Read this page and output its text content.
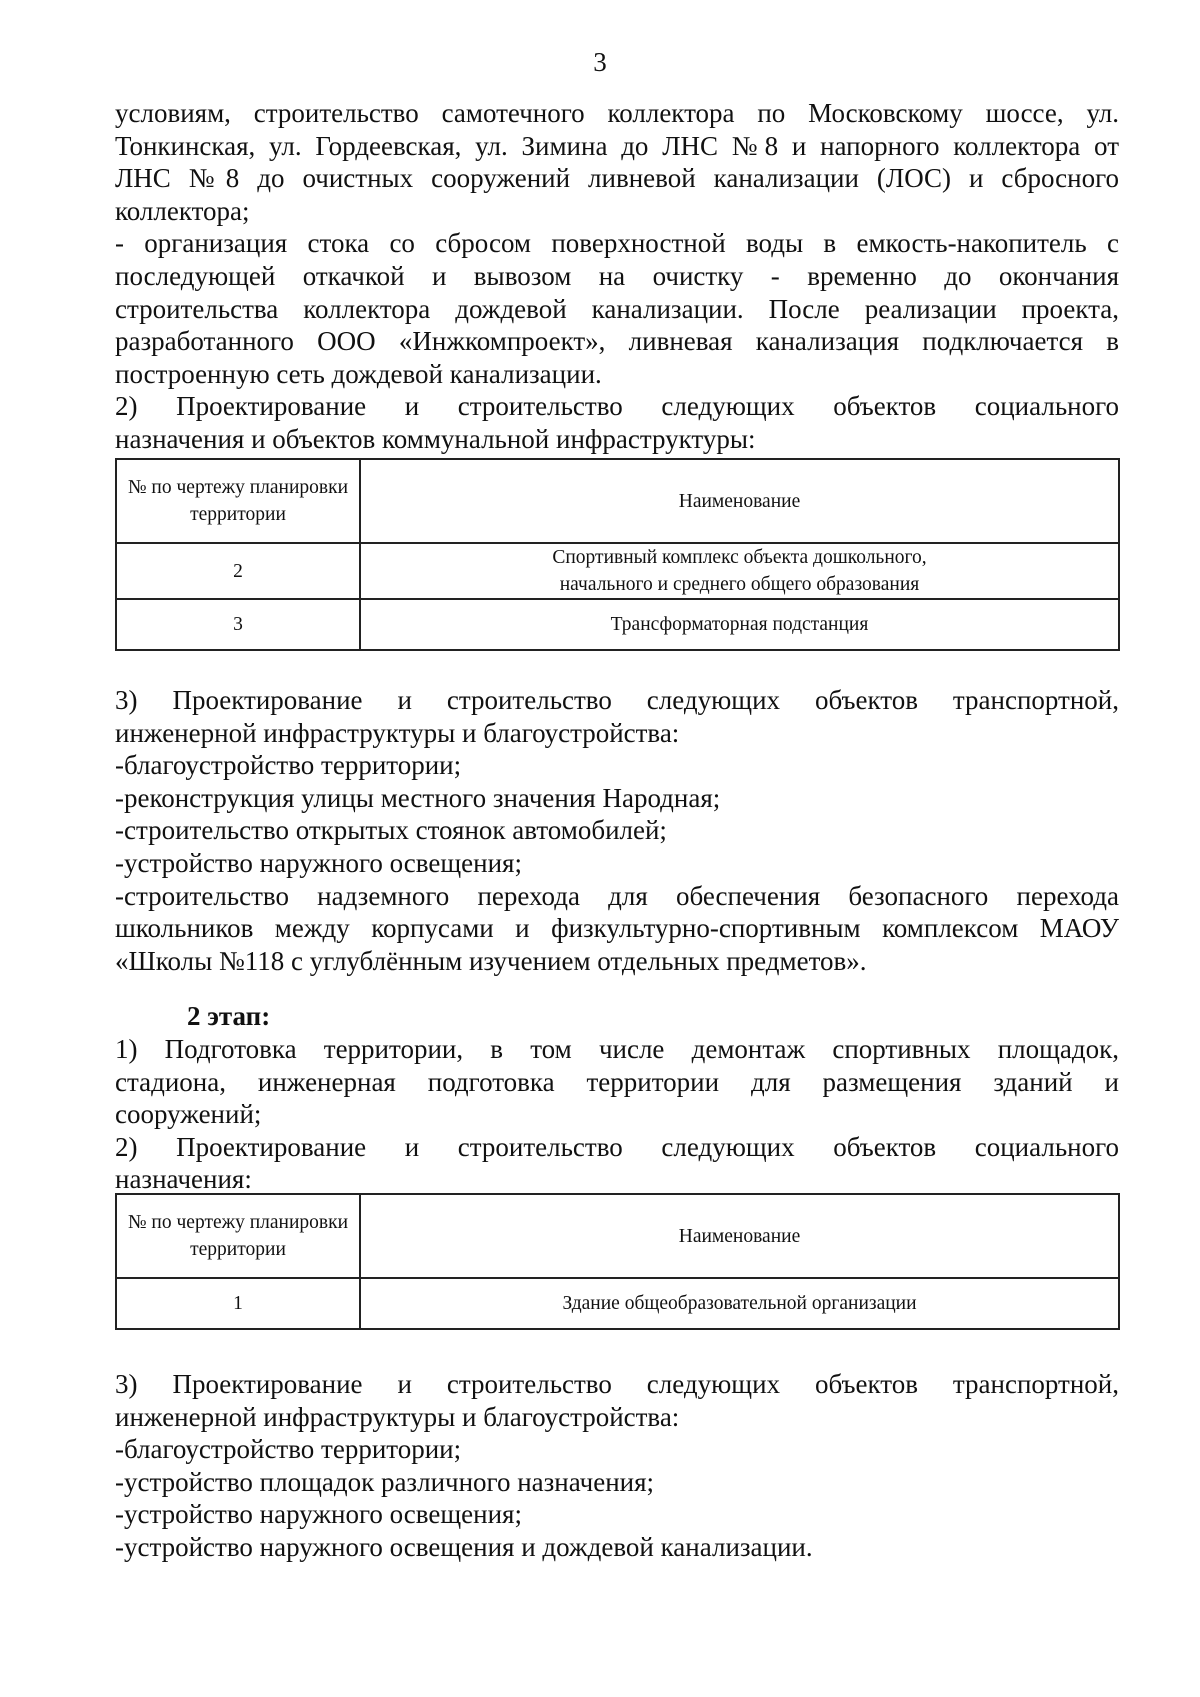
3

условиям, строительство самотечного коллектора по Московскому шоссе, ул.

Тонкинская, ул. Гордеевская, ул. Зимина до ЛНС №8 и напорного коллектора от

ЛНС №8 до очистных сооружений ливневой канализации (ЛОС) и сбросного

коллектора;

- организация стока со сбросом поверхностной воды в емкость-накопитель с

последующей откачкой и вывозом на очистку - временно до окончания

строительства коллектора дождевой канализации. После реализации проекта,

разработанного ООО «Инжкомпроект», ливневая канализация подключается в

построенную сеть дождевой канализации.

2) Проектирование и строительство следующих объектов социального

назначения и объектов коммунальной инфраструктуры:

№ по чертежу планировки территории	Наименование
2	Спортивный комплекс объекта дошкольного,
начального и среднего общего образования

3	Трансформаторная подстанция

3) Проектирование и строительство следующих объектов транспортной,

инженерной инфраструктуры и благоустройства:

-благоустройство территории;

-реконструкция улицы местного значения Народная;

-строительство открытых стоянок автомобилей;

-устройство наружного освещения;

-строительство надземного перехода для обеспечения безопасного перехода

школьников между корпусами и физкультурно-спортивным комплексом МАОУ

«Школы №118 с углублённым изучением отдельных предметов».

2 этап:

1) Подготовка территории, в том числе демонтаж спортивных площадок,

стадиона, инженерная подготовка территории для размещения зданий и

сооружений;

2) Проектирование и строительство следующих объектов социального

назначения:

№ по чертежу планировки территории	Наименование
1	Здание общеобразовательной организации

3) Проектирование и строительство следующих объектов транспортной,

инженерной инфраструктуры и благоустройства:

-благоустройство территории;

-устройство площадок различного назначения;

-устройство наружного освещения;

-устройство наружного освещения и дождевой канализации.
